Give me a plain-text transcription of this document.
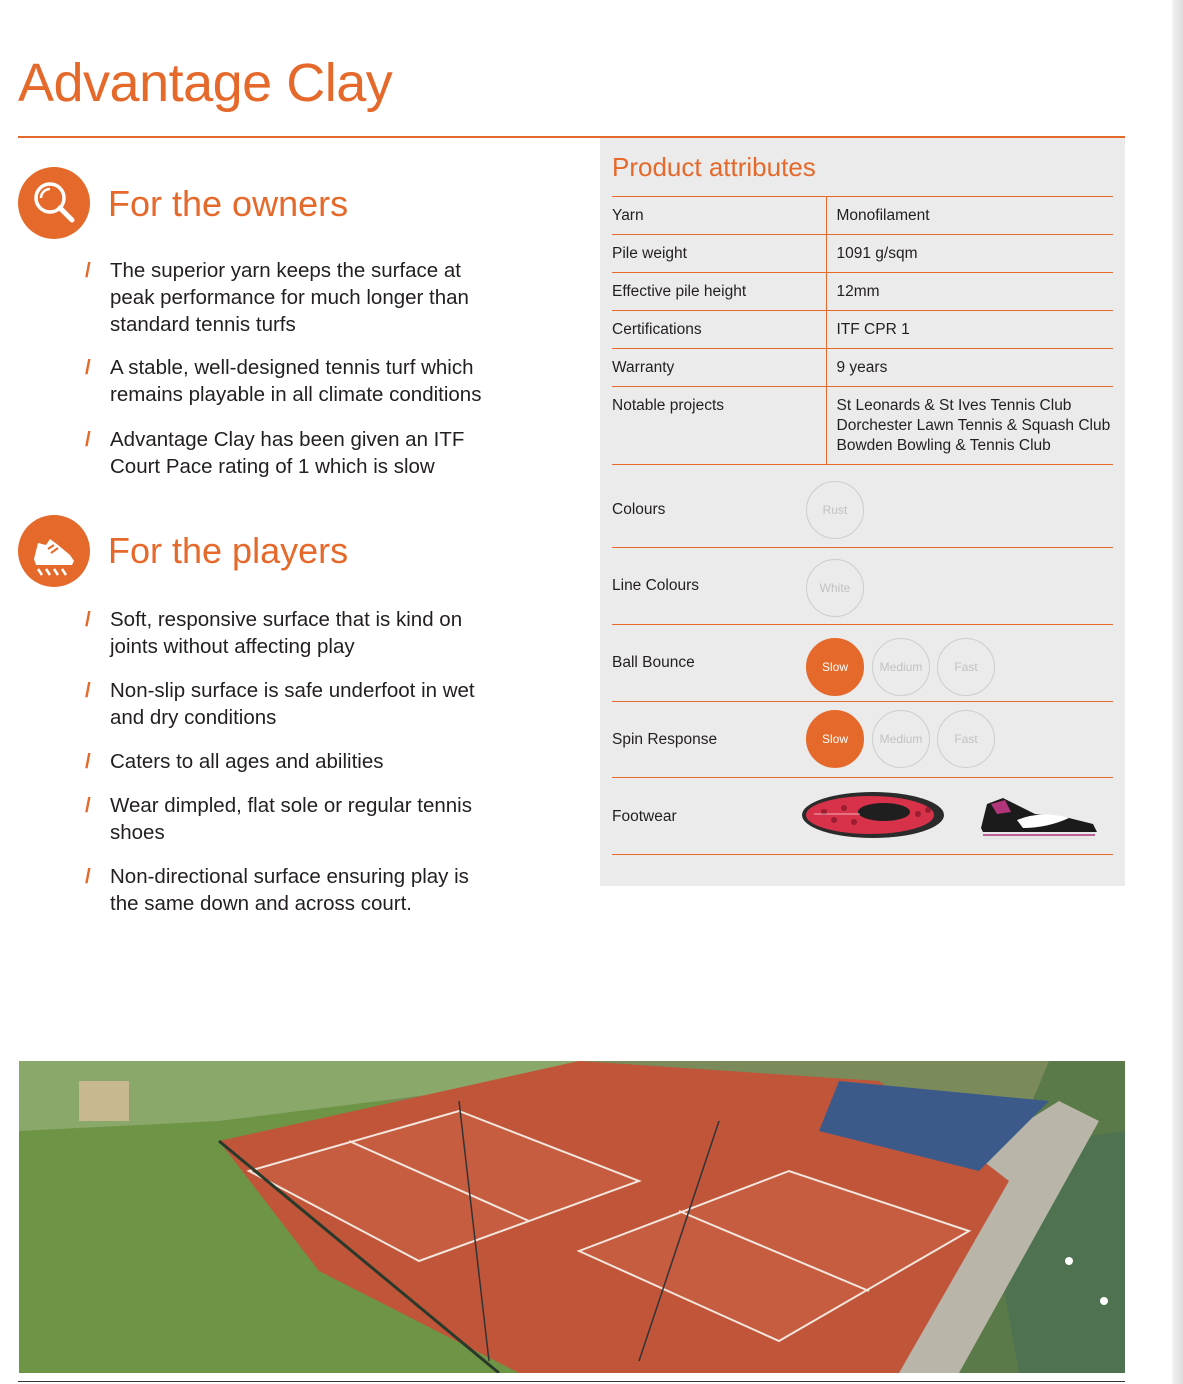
Advantage Clay
For the owners
/ The superior yarn keeps the surface at peak performance for much longer than standard tennis turfs
/ A stable, well-designed tennis turf which remains playable in all climate conditions
/ Advantage Clay has been given an ITF Court Pace rating of 1 which is slow
For the players
/ Soft, responsive surface that is kind on joints without affecting play
/ Non-slip surface is safe underfoot in wet and dry conditions
/ Caters to all ages and abilities
/ Wear dimpled, flat sole or regular tennis shoes
/ Non-directional surface ensuring play is the same down and across court.
Product attributes
Yarn	Monofilament
Pile weight	1091 g/sqm
Effective pile height	12mm
Certifications	ITF CPR 1
Warranty	9 years
Notable projects	St Leonards & St Ives Tennis Club
Dorchester Lawn Tennis & Squash Club
Bowden Bowling & Tennis Club
Colours	Rust
Line Colours	White
Ball Bounce	Slow	Medium	Fast
Spin Response	Slow	Medium	Fast
Footwear
